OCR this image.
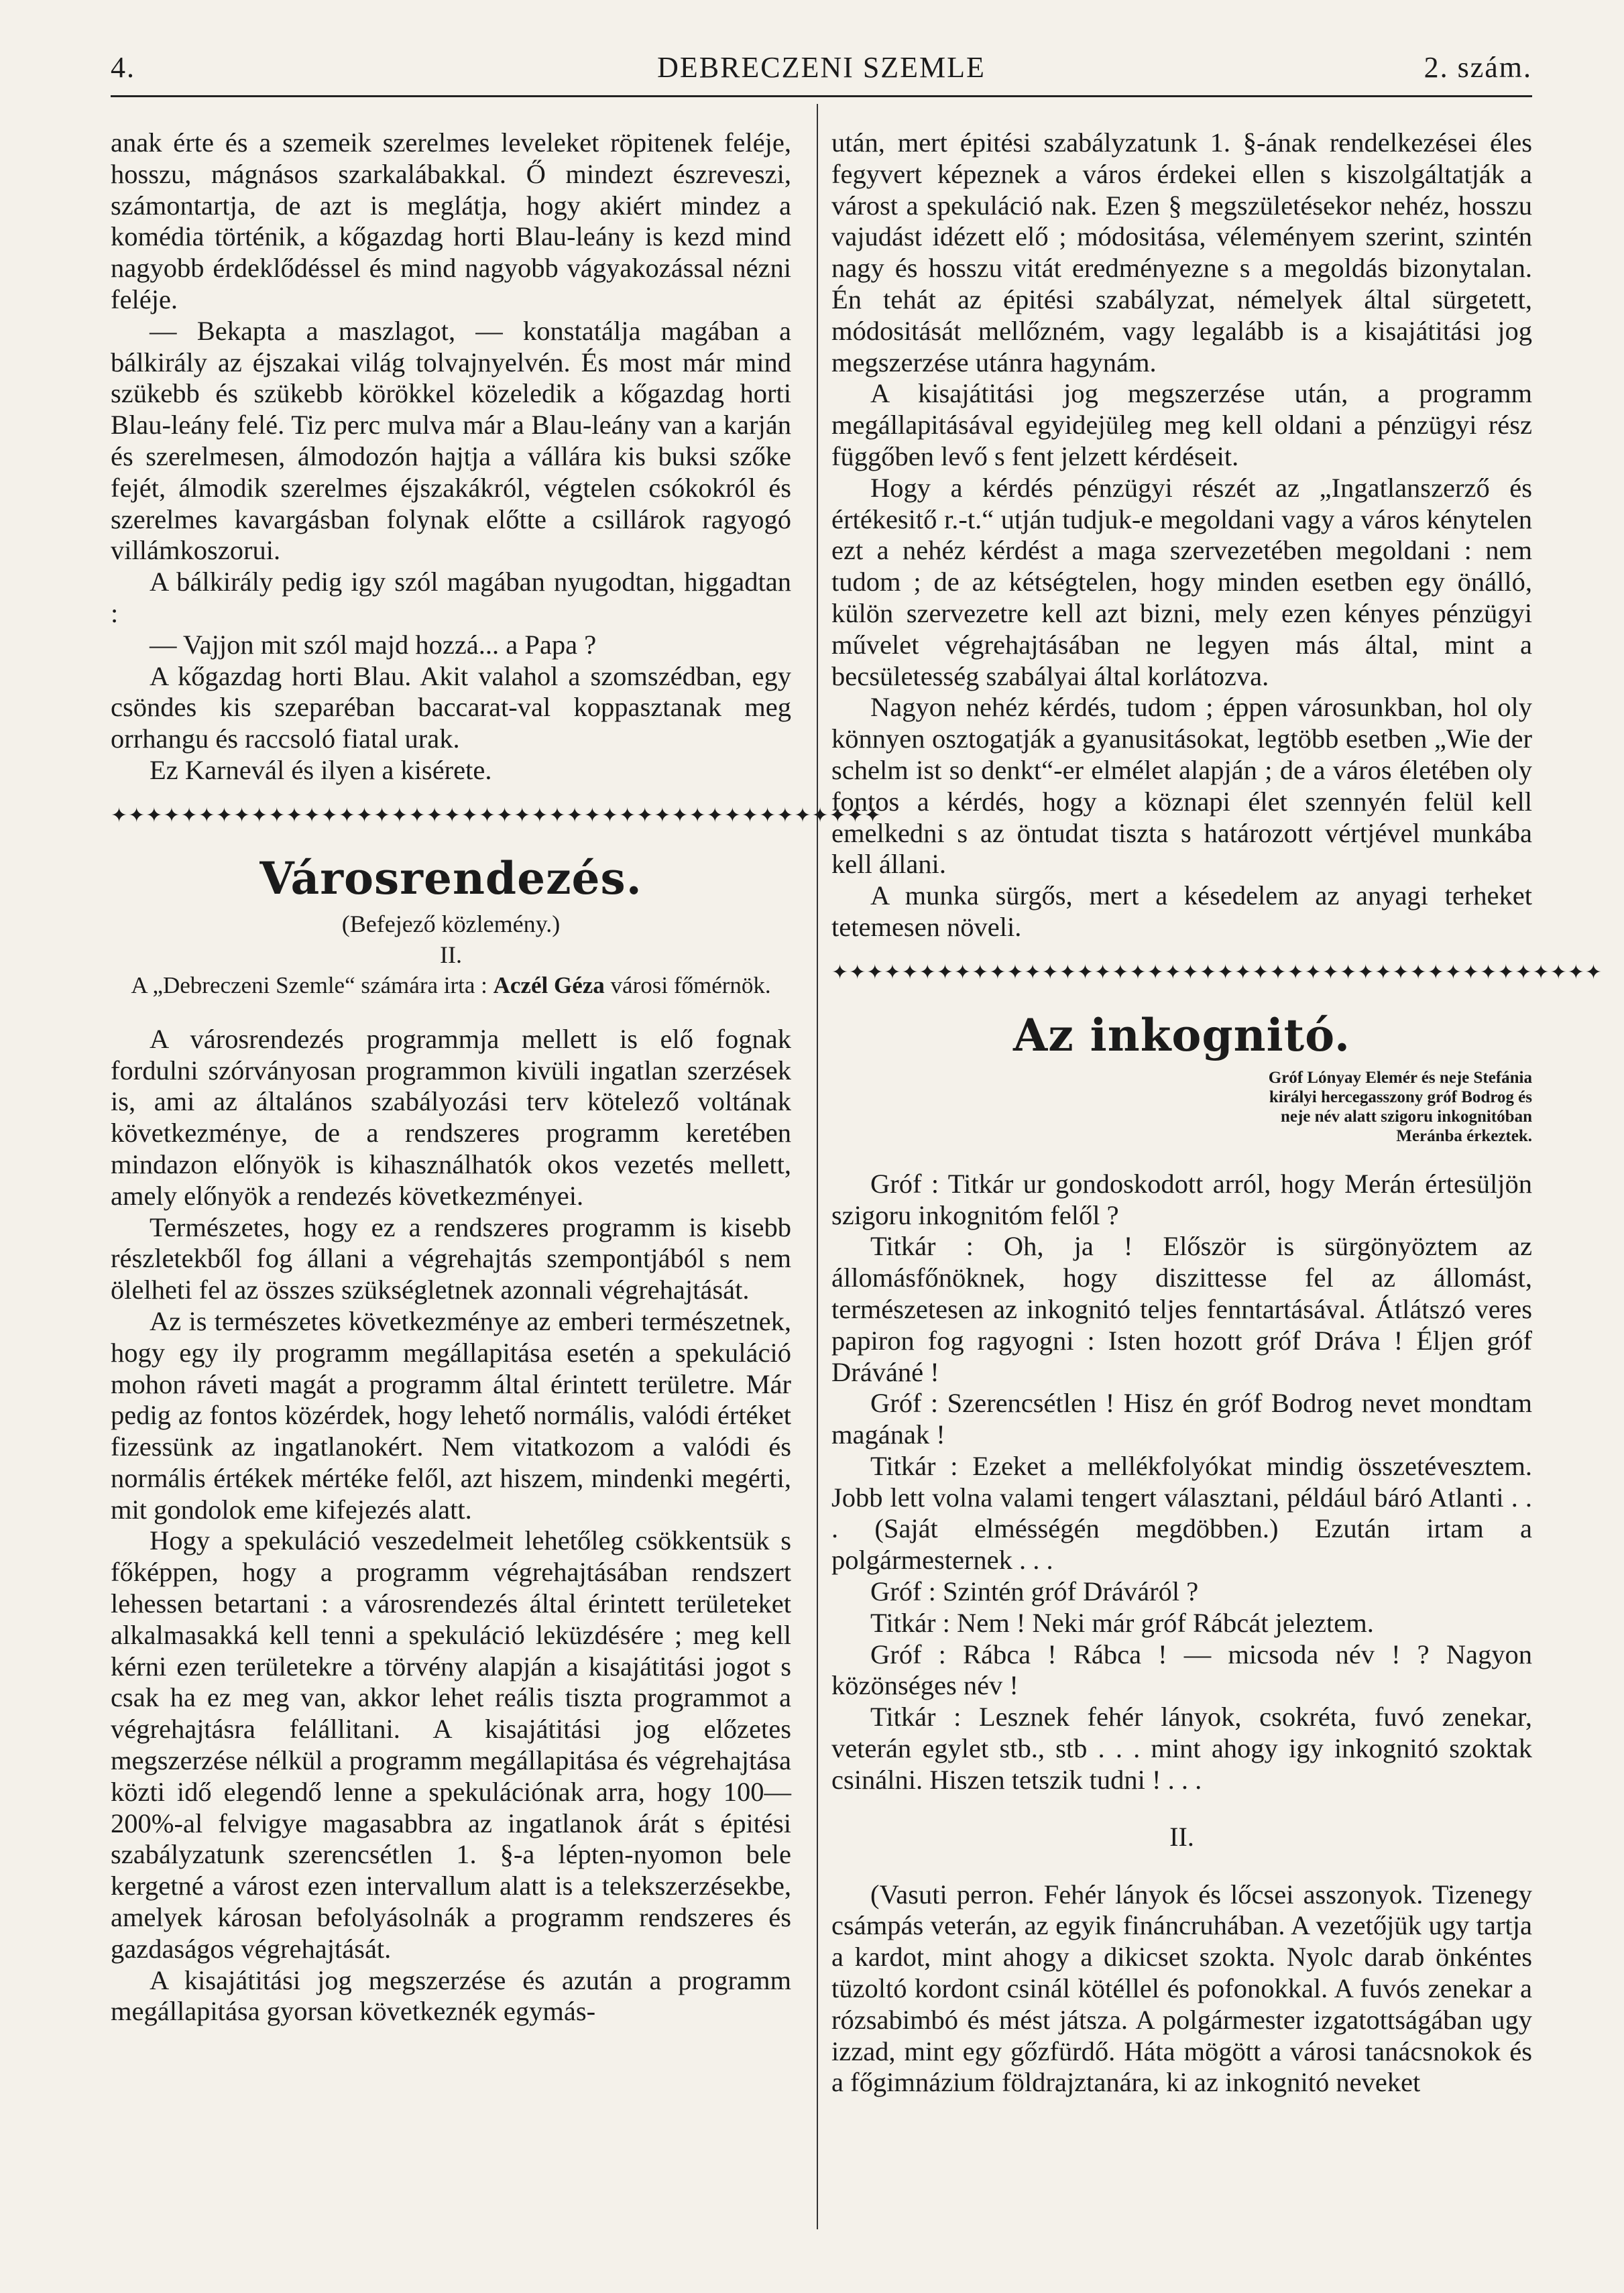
4.	DEBRECZENI SZEMLE	2. szám.

anak érte és a szemeik szerelmes leveleket röpitenek feléje, hosszu, mágnásos szarkalábakkal. Ő mindezt észreveszi, számontartja, de azt is meglátja, hogy akiért mindez a komédia történik, a kőgazdag horti Blau-leány is kezd mind nagyobb érdeklődéssel és mind nagyobb vágyakozással nézni feléje.

— Bekapta a maszlagot, — konstatálja magában a bálkirály az éjszakai világ tolvajnyelvén. És most már mind szükebb és szükebb körökkel közeledik a kőgazdag horti Blau-leány felé. Tiz perc mulva már a Blau-leány van a karján és szerelmesen, álmodozón hajtja a vállára kis buksi szőke fejét, álmodik szerelmes éjszakákról, végtelen csókokról és szerelmes kavargásban folynak előtte a csillárok ragyogó villámkoszorui.

A bálkirály pedig igy szól magában nyugodtan, higgadtan :

— Vajjon mit szól majd hozzá... a Papa ?

A kőgazdag horti Blau. Akit valahol a szomszédban, egy csöndes kis szeparéban baccarat-val koppasztanak meg orrhangu és raccsoló fiatal urak.

Ez Karnevál és ilyen a kisérete.

✦✦✦✦✦✦✦✦✦✦✦✦✦✦✦✦✦✦✦✦✦✦✦✦✦✦✦✦✦✦✦✦✦✦✦✦✦✦✦✦✦✦✦✦
Városrendezés.
(Befejező közlemény.)
II.
A „Debreczeni Szemle“ számára irta : Aczél Géza városi főmérnök.

A városrendezés programmja mellett is elő fognak fordulni szórványosan programmon kivüli ingatlan szerzések is, ami az általános szabályozási terv kötelező voltának következménye, de a rendszeres programm keretében mindazon előnyök is kihasználhatók okos vezetés mellett, amely előnyök a rendezés következményei.

Természetes, hogy ez a rendszeres programm is kisebb részletekből fog állani a végrehajtás szempontjából s nem ölelheti fel az összes szükségletnek azonnali végrehajtását.

Az is természetes következménye az emberi természetnek, hogy egy ily programm megállapitása esetén a spekuláció mohon ráveti magát a programm által érintett területre. Már pedig az fontos közérdek, hogy lehető normális, valódi értéket fizessünk az ingatlanokért. Nem vitatkozom a valódi és normális értékek mértéke felől, azt hiszem, mindenki megérti, mit gondolok eme kifejezés alatt.

Hogy a spekuláció veszedelmeit lehetőleg csökkentsük s főképpen, hogy a programm végrehajtásában rendszert lehessen betartani : a városrendezés által érintett területeket alkalmasakká kell tenni a spekuláció leküzdésére ; meg kell kérni ezen területekre a törvény alapján a kisajátitási jogot s csak ha ez meg van, akkor lehet reális tiszta programmot a végrehajtásra felállitani. A kisajátitási jog előzetes megszerzése nélkül a programm megállapitása és végrehajtása közti idő elegendő lenne a spekulációnak arra, hogy 100—200%-al felvigye magasabbra az ingatlanok árát s épitési szabályzatunk szerencsétlen 1. §-a lépten-nyomon bele kergetné a várost ezen intervallum alatt is a telekszerzésekbe, amelyek károsan befolyásolnák a programm rendszeres és gazdaságos végrehajtását.

A kisajátitási jog megszerzése és azután a programm megállapitása gyorsan következnék egymás-

után, mert épitési szabályzatunk 1. §-ának rendelkezései éles fegyvert képeznek a város érdekei ellen s kiszolgáltatják a várost a spekuláció nak. Ezen § megszületésekor nehéz, hosszu vajudást idézett elő ; módositása, véleményem szerint, szintén nagy és hosszu vitát eredményezne s a megoldás bizonytalan. Én tehát az épitési szabályzat, némelyek által sürgetett, módositását mellőzném, vagy legalább is a kisajátitási jog megszerzése utánra hagynám.

A kisajátitási jog megszerzése után, a programm megállapitásával egyidejüleg meg kell oldani a pénzügyi rész függőben levő s fent jelzett kérdéseit.

Hogy a kérdés pénzügyi részét az „Ingatlanszerző és értékesitő r.-t.“ utján tudjuk-e megoldani vagy a város kénytelen ezt a nehéz kérdést a maga szervezetében megoldani : nem tudom ; de az kétségtelen, hogy minden esetben egy önálló, külön szervezetre kell azt bizni, mely ezen kényes pénzügyi művelet végrehajtásában ne legyen más által, mint a becsületesség szabályai által korlátozva.

Nagyon nehéz kérdés, tudom ; éppen városunkban, hol oly könnyen osztogatják a gyanusitásokat, legtöbb esetben „Wie der schelm ist so denkt“-er elmélet alapján ; de a város életében oly fontos a kérdés, hogy a köznapi élet szennyén felül kell emelkedni s az öntudat tiszta s határozott vértjével munkába kell állani.

A munka sürgős, mert a késedelem az anyagi terheket tetemesen növeli.

✦✦✦✦✦✦✦✦✦✦✦✦✦✦✦✦✦✦✦✦✦✦✦✦✦✦✦✦✦✦✦✦✦✦✦✦✦✦✦✦✦✦✦✦
Az inkognitó.
Gróf Lónyay Elemér és neje Stefánia királyi hercegasszony gróf Bodrog és neje név alatt szigoru inkognitóban Meránba érkeztek.

Gróf : Titkár ur gondoskodott arról, hogy Merán értesüljön szigoru inkognitóm felől ?

Titkár : Oh, ja ! Először is sürgönyöztem az állomásfőnöknek, hogy diszittesse fel az állomást, természetesen az inkognitó teljes fenntartásával. Átlátszó veres papiron fog ragyogni : Isten hozott gróf Dráva ! Éljen gróf Dráváné !

Gróf : Szerencsétlen ! Hisz én gróf Bodrog nevet mondtam magának !

Titkár : Ezeket a mellékfolyókat mindig összetévesztem. Jobb lett volna valami tengert választani, például báró Atlanti . . . (Saját elmésségén megdöbben.) Ezután irtam a polgármesternek . . .

Gróf : Szintén gróf Dráváról ?

Titkár : Nem ! Neki már gróf Rábcát jeleztem.

Gróf : Rábca ! Rábca ! — micsoda név ! ? Nagyon közönséges név !

Titkár : Lesznek fehér lányok, csokréta, fuvó zenekar, veterán egylet stb., stb . . . mint ahogy igy inkognitó szoktak csinálni. Hiszen tetszik tudni ! . . .

II.

(Vasuti perron. Fehér lányok és lőcsei asszonyok. Tizenegy csámpás veterán, az egyik fináncruhában. A vezetőjük ugy tartja a kardot, mint ahogy a dikicset szokta. Nyolc darab önkéntes tüzoltó kordont csinál kötéllel és pofonokkal. A fuvós zenekar a rózsabimbó és mést játsza. A polgármester izgatottságában ugy izzad, mint egy gőzfürdő. Háta mögött a városi tanácsnokok és a főgimnázium földrajztanára, ki az inkognitó neveket
